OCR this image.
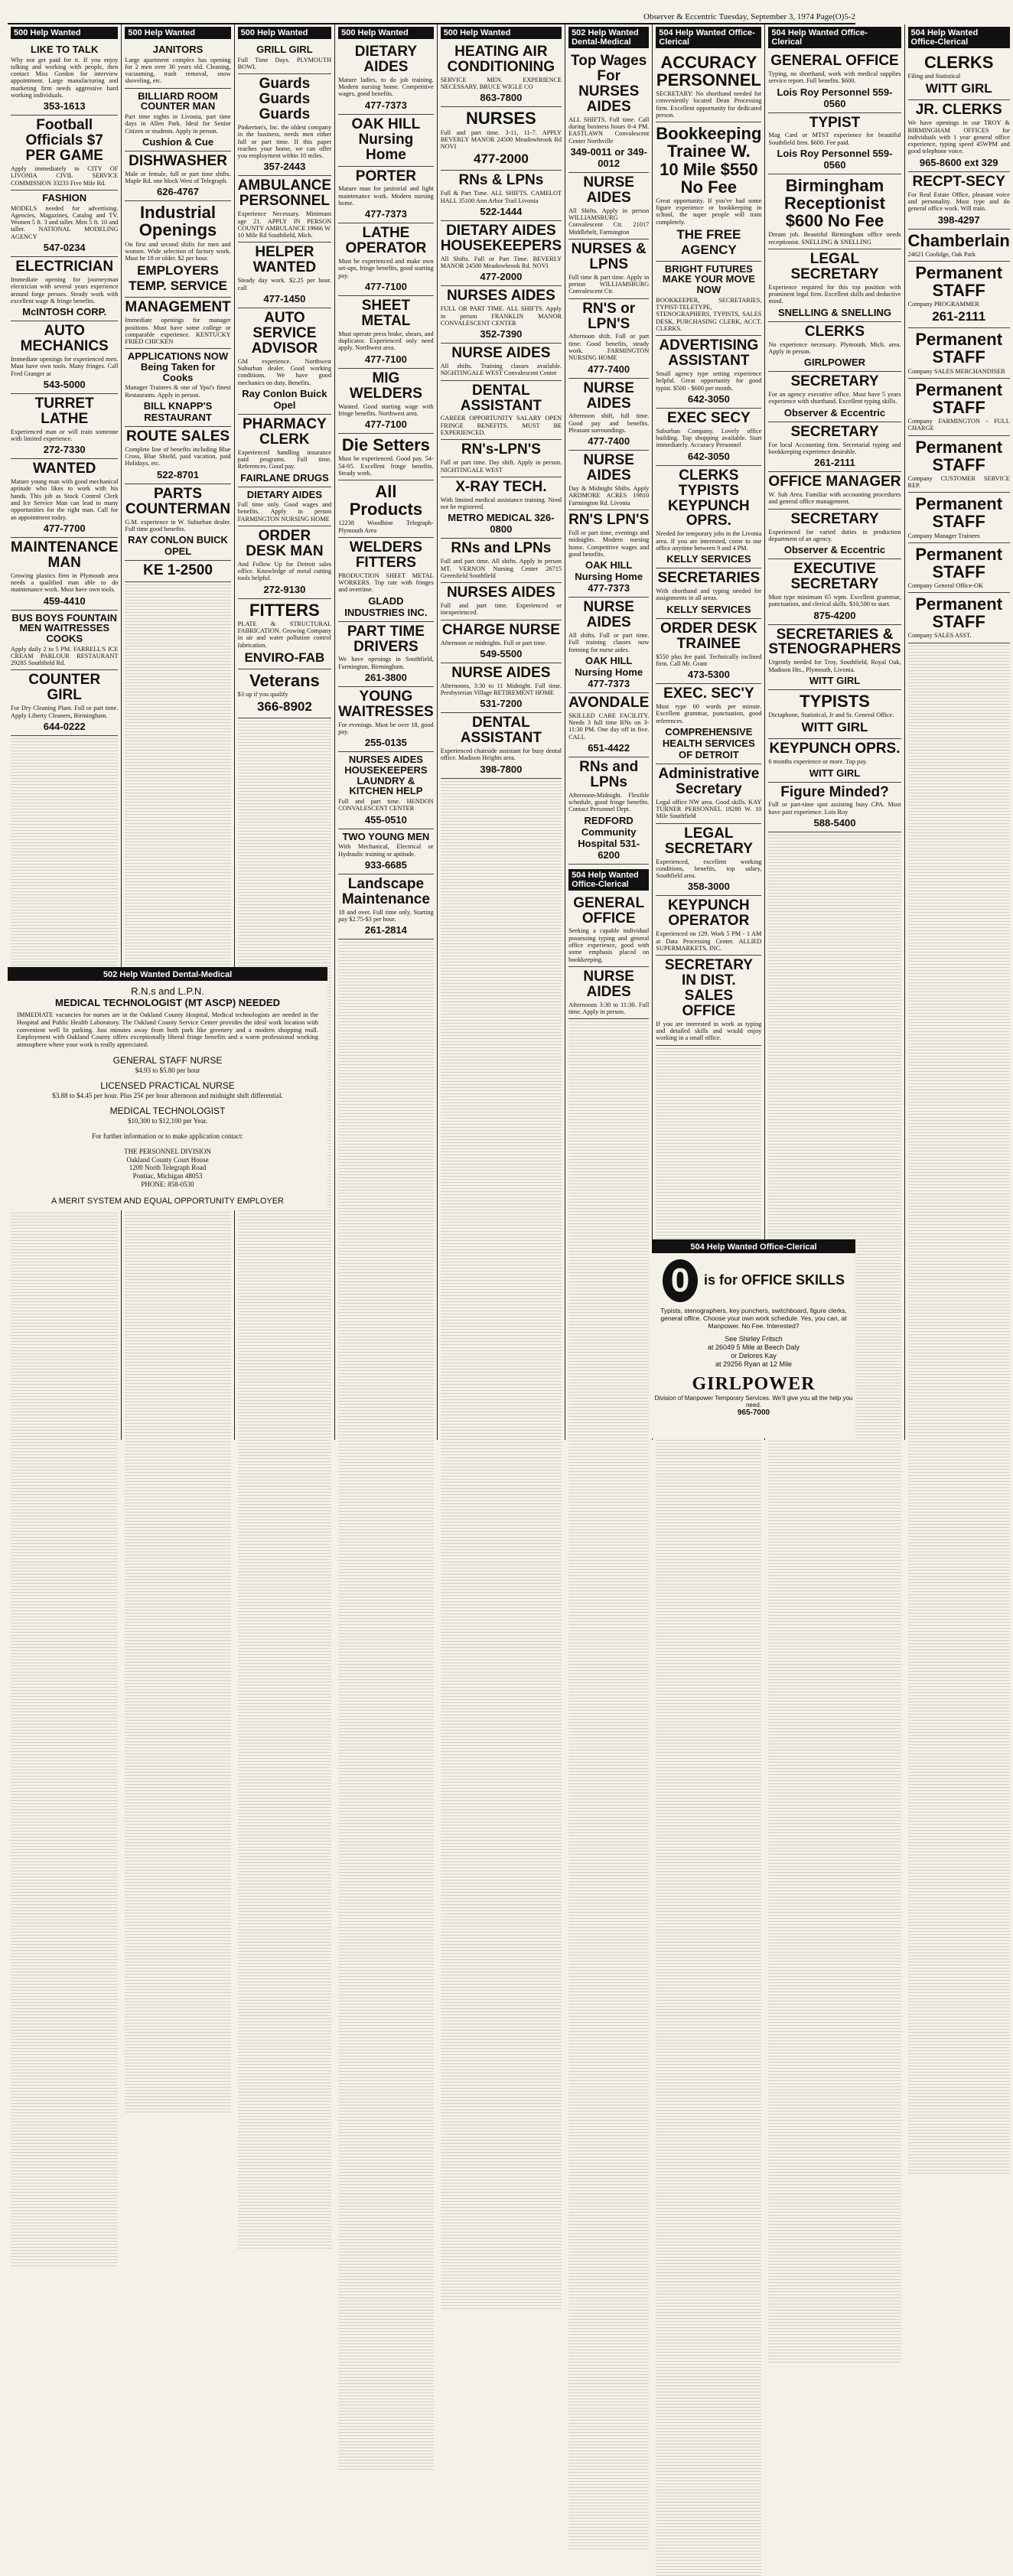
Observer & Eccentric Tuesday, September 3, 1974 Page(O)5-2
500 Help Wanted
LIKE TO TALK

Why not get paid for it. If you enjoy talking and working with people, then contact Miss Gordon for interview appointment. Large manufacturing and marketing firm needs aggressive hard working individuals.

353-1613
Football Officials $7 PER GAME

Apply immediately to CITY OF LIVONIA CIVIL SERVICE COMMISSION 33233 Five Mile Rd.

FASHION

MODELS needed for advertising. Agencies, Magazines, Catalog and TV. Women 5 ft. 3 and taller. Men 5 ft. 10 and taller. NATIONAL MODELING AGENCY

547-0234
ELECTRICIAN

Immediate opening for journeyman electrician with several years experience around forge presses. Steady work with excellent wage & fringe benefits.

McINTOSH CORP.
AUTO MECHANICS

Immediate openings for experienced men. Must have own tools. Many fringes. Call Fred Granger at

543-5000
TURRET LATHE

Experienced man or will train someone with limited experience.

272-7330
WANTED

Mature young man with good mechanical aptitude who likes to work with his hands. This job as Stock Control Clerk and Ice Service Man can lead to many opportunities for the right man. Call for an appointment today.

477-7700
MAINTENANCE MAN

Growing plastics firm in Plymouth area needs a qualified man able to do maintenance work. Must have own tools.

459-4410
BUS BOYS FOUNTAIN MEN WAITRESSES COOKS

Apply daily 2 to 5 PM. FARRELL'S ICE CREAM PARLOUR RESTAURANT 29285 Southfield Rd.

COUNTER GIRL

For Dry Cleaning Plant. Full or part time. Apply Liberty Cleaners, Birmingham.

644-0222
500 Help Wanted
JANITORS

Large apartment complex has opening for 2 men over 30 years old. Cleaning, vacuuming, trash removal, snow shoveling, etc.

BILLIARD ROOM COUNTER MAN

Part time nights in Livonia, part time days in Allen Park. Ideal for Senior Citizen or students. Apply in person.

Cushion & Cue
DISHWASHER

Male or female, full or part time shifts. Maple Rd. one block West of Telegraph.

626-4767
Industrial Openings

On first and second shifts for men and women. Wide selection of factory work. Must be 18 or older. $2 per hour.

EMPLOYERS TEMP. SERVICE
MANAGEMENT

Immediate openings for manager positions. Must have some college or comparable experience. KENTUCKY FRIED CHICKEN

APPLICATIONS NOW Being Taken for Cooks

Manager Trainees & one of Ypsi's finest Restaurants. Apply in person.

BILL KNAPP'S RESTAURANT
ROUTE SALES

Complete line of benefits including Blue Cross, Blue Shield, paid vacation, paid Holidays, etc.

522-8701
PARTS COUNTERMAN

G.M. experience in W. Suburban dealer. Full time good benefits.

RAY CONLON BUICK OPEL
KE 1-2500
500 Help Wanted
GRILL GIRL

Full Time Days. PLYMOUTH BOWL

Guards Guards Guards

Pinkerton's, Inc. the oldest company in the business, needs men either full or part time. If this paper reaches your home, we can offer you employment within 10 miles.

357-2443
AMBULANCE PERSONNEL

Experience Necessary. Minimum age 21. APPLY IN PERSON COUNTY AMBULANCE 19666 W. 10 Mile Rd Southfield, Mich.

HELPER WANTED

Steady day work. $2.25 per hour. call

477-1450
AUTO SERVICE ADVISOR

GM experience. Northwest Suburban dealer. Good working conditions. We have good mechanics on duty. Benefits.

Ray Conlon Buick Opel
PHARMACY CLERK

Experienced handling insurance paid programs. Full time. References. Good pay.

FAIRLANE DRUGS
DIETARY AIDES

Full time only. Good wages and benefits. Apply in person FARMINGTON NURSING HOME

ORDER DESK MAN

And Follow Up for Detroit sales office. Knowledge of metal cutting tools helpful.

272-9130
FITTERS

PLATE & STRUCTURAL FABRICATION. Growing Company in air and water pollution control fabrication.

ENVIRO-FAB
Veterans

$3 up if you qualify

366-8902
500 Help Wanted
DIETARY AIDES

Mature ladies, to do job training. Modern nursing home. Competitive wages, good benefits.

477-7373
OAK HILL Nursing Home
PORTER

Mature man for janitorial and light maintenance work. Modern nursing home.

477-7373
LATHE OPERATOR

Must be experienced and make own set-ups, fringe benefits, good starting pay.

477-7100
SHEET METAL

Must operate press brake, shears, and duplicator. Experienced only need apply. Northwest area.

477-7100
MIG WELDERS

Wanted. Good starting wage with fringe benefits. Northwest area.

477-7100
Die Setters

Must be experienced. Good pay. 54-54-95. Excellent fringe benefits. Steady work.

All Products

12238 Woodbine Telegraph-Plymouth Area

WELDERS FITTERS

PRODUCTION SHEET METAL WORKERS. Top rate with fringes and overtime.

GLADD INDUSTRIES INC.
PART TIME DRIVERS

We have openings in Southfield, Farmington, Birmingham.

261-3800
YOUNG WAITRESSES

For evenings. Must be over 18, good pay.

255-0135
NURSES AIDES HOUSEKEEPERS LAUNDRY & KITCHEN HELP

Full and part time. HENDON CONVALESCENT CENTER

455-0510
TWO YOUNG MEN

With Mechanical, Electrical or Hydraulic training or aptitude.

933-6685
Landscape Maintenance

18 and over. Full time only. Starting pay $2.75-$3 per hour.

261-2814
500 Help Wanted
HEATING AIR CONDITIONING

SERVICE MEN. EXPERIENCE NECESSARY. BRUCE WIGLE CO

863-7800
NURSES

Full and part time. 3-11, 11-7. APPLY BEVERLY MANOR 24500 Meadowbrook Rd NOVI

477-2000
RNs & LPNs

Full & Part Time. ALL SHIFTS. CAMELOT HALL 35100 Ann Arbor Trail Livonia

522-1444
DIETARY AIDES HOUSEKEEPERS

All Shifts. Full or Part Time. BEVERLY MANOR 24500 Meadowbrook Rd. NOVI

477-2000
NURSES AIDES

FULL OR PART TIME. ALL SHIFTS. Apply in person FRANKLIN MANOR CONVALESCENT CENTER

352-7390
NURSE AIDES

All shifts. Training classes available. NIGHTINGALE WEST Convalescent Center

DENTAL ASSISTANT

CAREER OPPORTUNITY SALARY OPEN FRINGE BENEFITS. MUST BE EXPERIENCED.

RN's-LPN'S

Full or part time. Day shift. Apply in person. NIGHTINGALE WEST

X-RAY TECH.

With limited medical assistance training. Need not be registered.

METRO MEDICAL 326-0800
RNs and LPNs

Full and part time. All shifts. Apply in person MT. VERNON Nursing Center 26715 Greenfield Southfield

NURSES AIDES

Full and part time. Experienced or inexperienced.

CHARGE NURSE

Afternoon or midnights. Full or part time.

549-5500
NURSE AIDES

Afternoons, 3:30 to 11 Midnight. Full time. Presbyterian Village RETIREMENT HOME

531-7200
DENTAL ASSISTANT

Experienced chairside assistant for busy dental office. Madison Heights area.

398-7800
502 Help Wanted Dental-Medical
Top Wages For NURSES AIDES

ALL SHIFTS. Full time. Call during business hours 8-4 PM. EASTLAWN Convalescent Center Northville

349-0011 or 349-0012
NURSE AIDES

All Shifts. Apply in person WILLIAMSBURG Convalescent Ctr. 21017 Middlebelt, Farmington

NURSES & LPNS

Full time & part time. Apply in person WILLIAMSBURG Convalescent Ctr.

RN'S or LPN'S

Afternoon shift. Full or part time. Good benefits, steady work. FARMINGTON NURSING HOME

477-7400
NURSE AIDES

Afternoon shift, full time. Good pay and benefits. Pleasant surroundings.

477-7400
NURSE AIDES

Day & Midnight Shifts. Apply ARDMORE ACRES 19810 Farmington Rd. Livonia

RN'S LPN'S

Full or part time, evenings and midnights. Modern nursing home. Competitive wages and good benefits.

OAK HILL Nursing Home 477-7373
NURSE AIDES

All shifts. Full or part time. Full training classes now forming for nurse aides.

OAK HILL Nursing Home 477-7373
AVONDALE

SKILLED CARE FACILITY. Needs 3 full time RNs on 3-11:30 PM. One day off in five. CALL

651-4422
RNs and LPNs

Afternoon-Midnight. Flexible schedule, good fringe benefits. Contact Personnel Dept.

REDFORD Community Hospital 531-6200
504 Help Wanted Office-Clerical
GENERAL OFFICE

Seeking a capable individual possessing typing and general office experience, good with some emphasis placed on bookkeeping.

NURSE AIDES

Afternoons 3:30 to 11:30. Full time. Apply in person.

504 Help Wanted Office-Clerical
ACCURACY PERSONNEL

SECRETARY: No shorthand needed for conveniently located Dean Processing firm. Excellent opportunity for dedicated person.

Bookkeeping Trainee W. 10 Mile $550 No Fee

Great opportunity. If you've had some figure experience or bookkeeping in school, the super people will train completely.

THE FREE AGENCY
BRIGHT FUTURES MAKE YOUR MOVE NOW

BOOKKEEPER, SECRETARIES, TYPIST-TELETYPE, STENOGRAPHERS, TYPISTS, SALES DESK, PURCHASING CLERK, ACCT. CLERKS.

ADVERTISING ASSISTANT

Small agency type setting experience helpful. Great opportunity for good typist. $500 - $600 per month.

642-3050
EXEC SECY

Suburban Company. Lovely office building. Top shopping available. Start immediately. Accuracy Personnel

642-3050
CLERKS TYPISTS KEYPUNCH OPRS.

Needed for temporary jobs in the Livonia area. If you are interested, come to our office anytime between 9 and 4 PM.

KELLY SERVICES
SECRETARIES

With shorthand and typing needed for assignments in all areas.

KELLY SERVICES
ORDER DESK TRAINEE

$550 plus fee paid. Technically inclined firm. Call Mr. Grant

473-5300
EXEC. SEC'Y

Must type 60 words per minute. Excellent grammar, punctuation, good references.

COMPREHENSIVE HEALTH SERVICES OF DETROIT
Administrative Secretary

Legal office NW area. Good skills. KAY TURNER PERSONNEL 18280 W. 10 Mile Southfield

LEGAL SECRETARY

Experienced, excellent working conditions, benefits, top salary, Southfield area.

358-3000
KEYPUNCH OPERATOR

Experienced on 129. Work 5 PM - 1 AM at Data Processing Center. ALLIED SUPERMARKETS, INC.

SECRETARY IN DIST. SALES OFFICE

If you are interested in work as typing and detailed skills and would enjoy working in a small office.

504 Help Wanted Office-Clerical
GENERAL OFFICE

Typing, no shorthand, work with medical supplies service report. Full benefits. $600.

Lois Roy Personnel 559-0560
TYPIST

Mag Card or MTST experience for beautiful Southfield firm. $600. Fee paid.

Lois Roy Personnel 559-0560
Birmingham Receptionist $600 No Fee

Dream job. Beautiful Birmingham office needs receptionist. SNELLING & SNELLING

LEGAL SECRETARY

Experience required for this top position with prominent legal firm. Excellent skills and deductive mind.

SNELLING & SNELLING
CLERKS

No experience necessary. Plymouth, Mich. area. Apply in person.

GIRLPOWER
SECRETARY

For an agency executive office. Must have 5 years experience with shorthand. Excellent typing skills.

Observer & Eccentric
SECRETARY

For local Accounting firm. Secretarial typing and bookkeeping experience desirable.

261-2111
OFFICE MANAGER

W. Sub Area. Familiar with accounting procedures and general office management.

SECRETARY

Experienced for varied duties in production department of an agency.

Observer & Eccentric
EXECUTIVE SECRETARY

Must type minimum 65 wpm. Excellent grammar, punctuation, and clerical skills. $10,500 to start.

875-4200
SECRETARIES & STENOGRAPHERS

Urgently needed for Troy, Southfield, Royal Oak, Madison Hts., Plymouth, Livonia.

WITT GIRL
TYPISTS

Dictaphone, Statistical, Jr and Sr. General Office.

WITT GIRL
KEYPUNCH OPRS.

6 months experience or more. Top pay.

WITT GIRL
Figure Minded?

Full or part-time spot assisting busy CPA. Must have past experience. Lois Roy

588-5400
504 Help Wanted Office-Clerical
CLERKS

Filing and Statistical

WITT GIRL
JR. CLERKS

We have openings in our TROY & BIRMINGHAM OFFICES for individuals with 1 year general office experience, typing speed 45WPM and good telephone voice.

965-8600 ext 329
RECPT-SECY

For Real Estate Office, pleasant voice and personality. Must type and do general office work. Will train.

398-4297
Chamberlain

24621 Coolidge, Oak Park

Permanent STAFF

Company PROGRAMMER

261-2111
Permanent STAFF

Company SALES MERCHANDISER

Permanent STAFF

Company FARMINGTON - FULL CHARGE

Permanent STAFF

Company CUSTOMER SERVICE REP.

Permanent STAFF

Company Manager Trainees

Permanent STAFF

Company General Office-OK

Permanent STAFF

Company SALES ASST.

502 Help Wanted Dental-Medical
R.N.s and L.P.N.
MEDICAL TECHNOLOGIST (MT ASCP) NEEDED

IMMEDIATE vacancies for nurses are in the Oakland County Hospital, Medical technologists are needed in the Hospital and Public Health Laboratory. The Oakland County Service Center provides the ideal work location with convenient well lit parking. Just minutes away from both park like greenery and a modern shopping mall. Employment with Oakland County offers exceptionally liberal fringe benefits and a warm professional working atmosphere where your work is really appreciated.

GENERAL STAFF NURSE
$4.93 to $5.80 per hour
LICENSED PRACTICAL NURSE
$3.88 to $4.45 per hour. Plus 25¢ per hour afternoon and midnight shift differential.
MEDICAL TECHNOLOGIST
$10,300 to $12,100 per Year.
For further information or to make application contact:
THE PERSONNEL DIVISION
Oakland County Court House
1200 North Telegraph Road
Pontiac, Michigan 48053
PHONE: 858-0530
A MERIT SYSTEM AND EQUAL OPPORTUNITY EMPLOYER
504 Help Wanted Office-Clerical
0	is for OFFICE SKILLS

Typists, stenographers, key punchers, switchboard, figure clerks, general office. Choose your own work schedule. Yes, you can, at Manpower. No Fee. Interested?

See Shirley Fritsch
at 26049 5 Mile at Beech Daly
or Delores Kay
at 29256 Ryan at 12 Mile
GIRLPOWER
Division of Manpower Temporary Services. We'll give you all the help you need.
965-7000
